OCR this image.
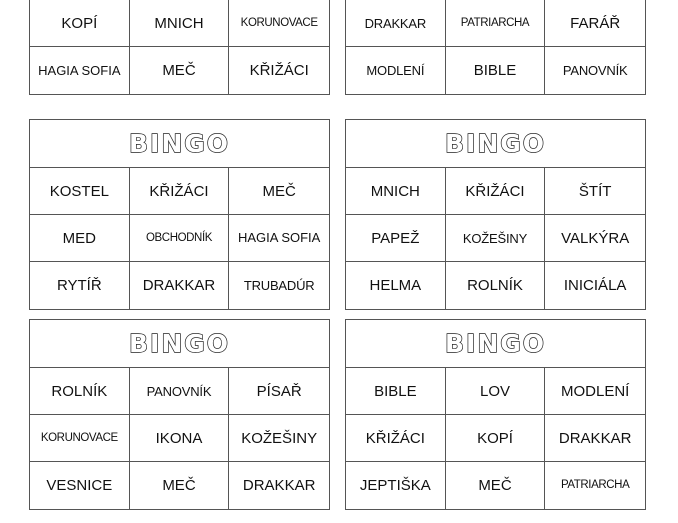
KOPÍ	MNICH	KORUNOVACE
HAGIA SOFIA	MEČ	KŘIŽÁCI
DRAKKAR	PATRIARCHA	FARÁŘ
MODLENÍ	BIBLE	PANOVNÍK
BINGO
KOSTEL	KŘIŽÁCI	MEČ
MED	OBCHODNÍK	HAGIA SOFIA
RYTÍŘ	DRAKKAR	TRUBADÚR
BINGO
MNICH	KŘIŽÁCI	ŠTÍT
PAPEŽ	KOŽEŠINY	VALKÝRA
HELMA	ROLNÍK	INICIÁLA
BINGO
ROLNÍK	PANOVNÍK	PÍSAŘ
KORUNOVACE	IKONA	KOŽEŠINY
VESNICE	MEČ	DRAKKAR
BINGO
BIBLE	LOV	MODLENÍ
KŘIŽÁCI	KOPÍ	DRAKKAR
JEPTIŠKA	MEČ	PATRIARCHA
